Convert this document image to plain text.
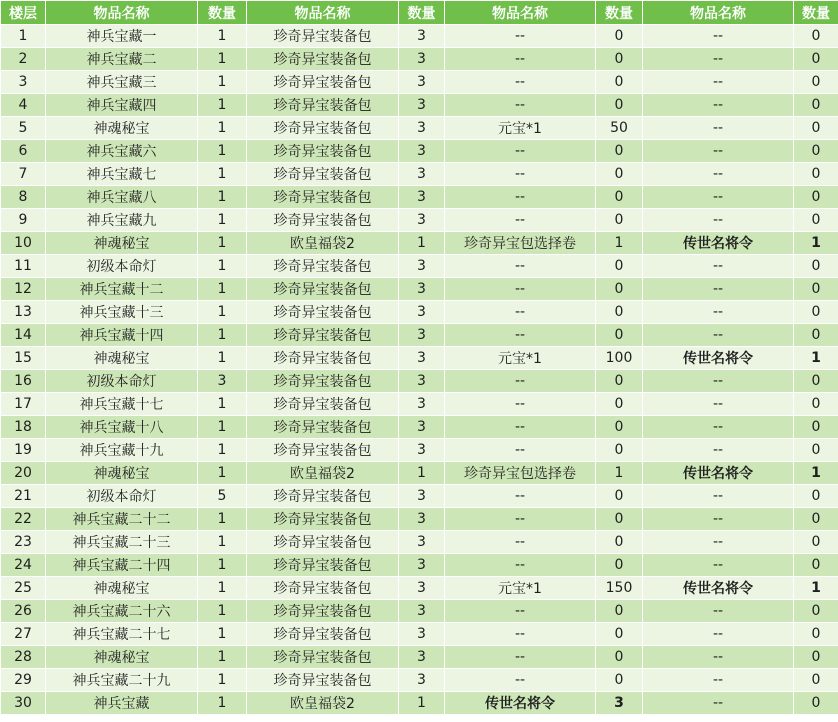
楼层	物品名称	数量	物品名称	数量	物品名称	数量	物品名称	数量
1	神兵宝藏一	1	珍奇异宝装备包	3	--	0	--	0
2	神兵宝藏二	1	珍奇异宝装备包	3	--	0	--	0
3	神兵宝藏三	1	珍奇异宝装备包	3	--	0	--	0
4	神兵宝藏四	1	珍奇异宝装备包	3	--	0	--	0
5	神魂秘宝	1	珍奇异宝装备包	3	元宝*1	50	--	0
6	神兵宝藏六	1	珍奇异宝装备包	3	--	0	--	0
7	神兵宝藏七	1	珍奇异宝装备包	3	--	0	--	0
8	神兵宝藏八	1	珍奇异宝装备包	3	--	0	--	0
9	神兵宝藏九	1	珍奇异宝装备包	3	--	0	--	0
10	神魂秘宝	1	欧皇福袋2	1	珍奇异宝包选择卷	1	传世名将令	1
11	初级本命灯	1	珍奇异宝装备包	3	--	0	--	0
12	神兵宝藏十二	1	珍奇异宝装备包	3	--	0	--	0
13	神兵宝藏十三	1	珍奇异宝装备包	3	--	0	--	0
14	神兵宝藏十四	1	珍奇异宝装备包	3	--	0	--	0
15	神魂秘宝	1	珍奇异宝装备包	3	元宝*1	100	传世名将令	1
16	初级本命灯	3	珍奇异宝装备包	3	--	0	--	0
17	神兵宝藏十七	1	珍奇异宝装备包	3	--	0	--	0
18	神兵宝藏十八	1	珍奇异宝装备包	3	--	0	--	0
19	神兵宝藏十九	1	珍奇异宝装备包	3	--	0	--	0
20	神魂秘宝	1	欧皇福袋2	1	珍奇异宝包选择卷	1	传世名将令	1
21	初级本命灯	5	珍奇异宝装备包	3	--	0	--	0
22	神兵宝藏二十二	1	珍奇异宝装备包	3	--	0	--	0
23	神兵宝藏二十三	1	珍奇异宝装备包	3	--	0	--	0
24	神兵宝藏二十四	1	珍奇异宝装备包	3	--	0	--	0
25	神魂秘宝	1	珍奇异宝装备包	3	元宝*1	150	传世名将令	1
26	神兵宝藏二十六	1	珍奇异宝装备包	3	--	0	--	0
27	神兵宝藏二十七	1	珍奇异宝装备包	3	--	0	--	0
28	神魂秘宝	1	珍奇异宝装备包	3	--	0	--	0
29	神兵宝藏二十九	1	珍奇异宝装备包	3	--	0	--	0
30	神兵宝藏	1	欧皇福袋2	1	传世名将令	3	--	0
